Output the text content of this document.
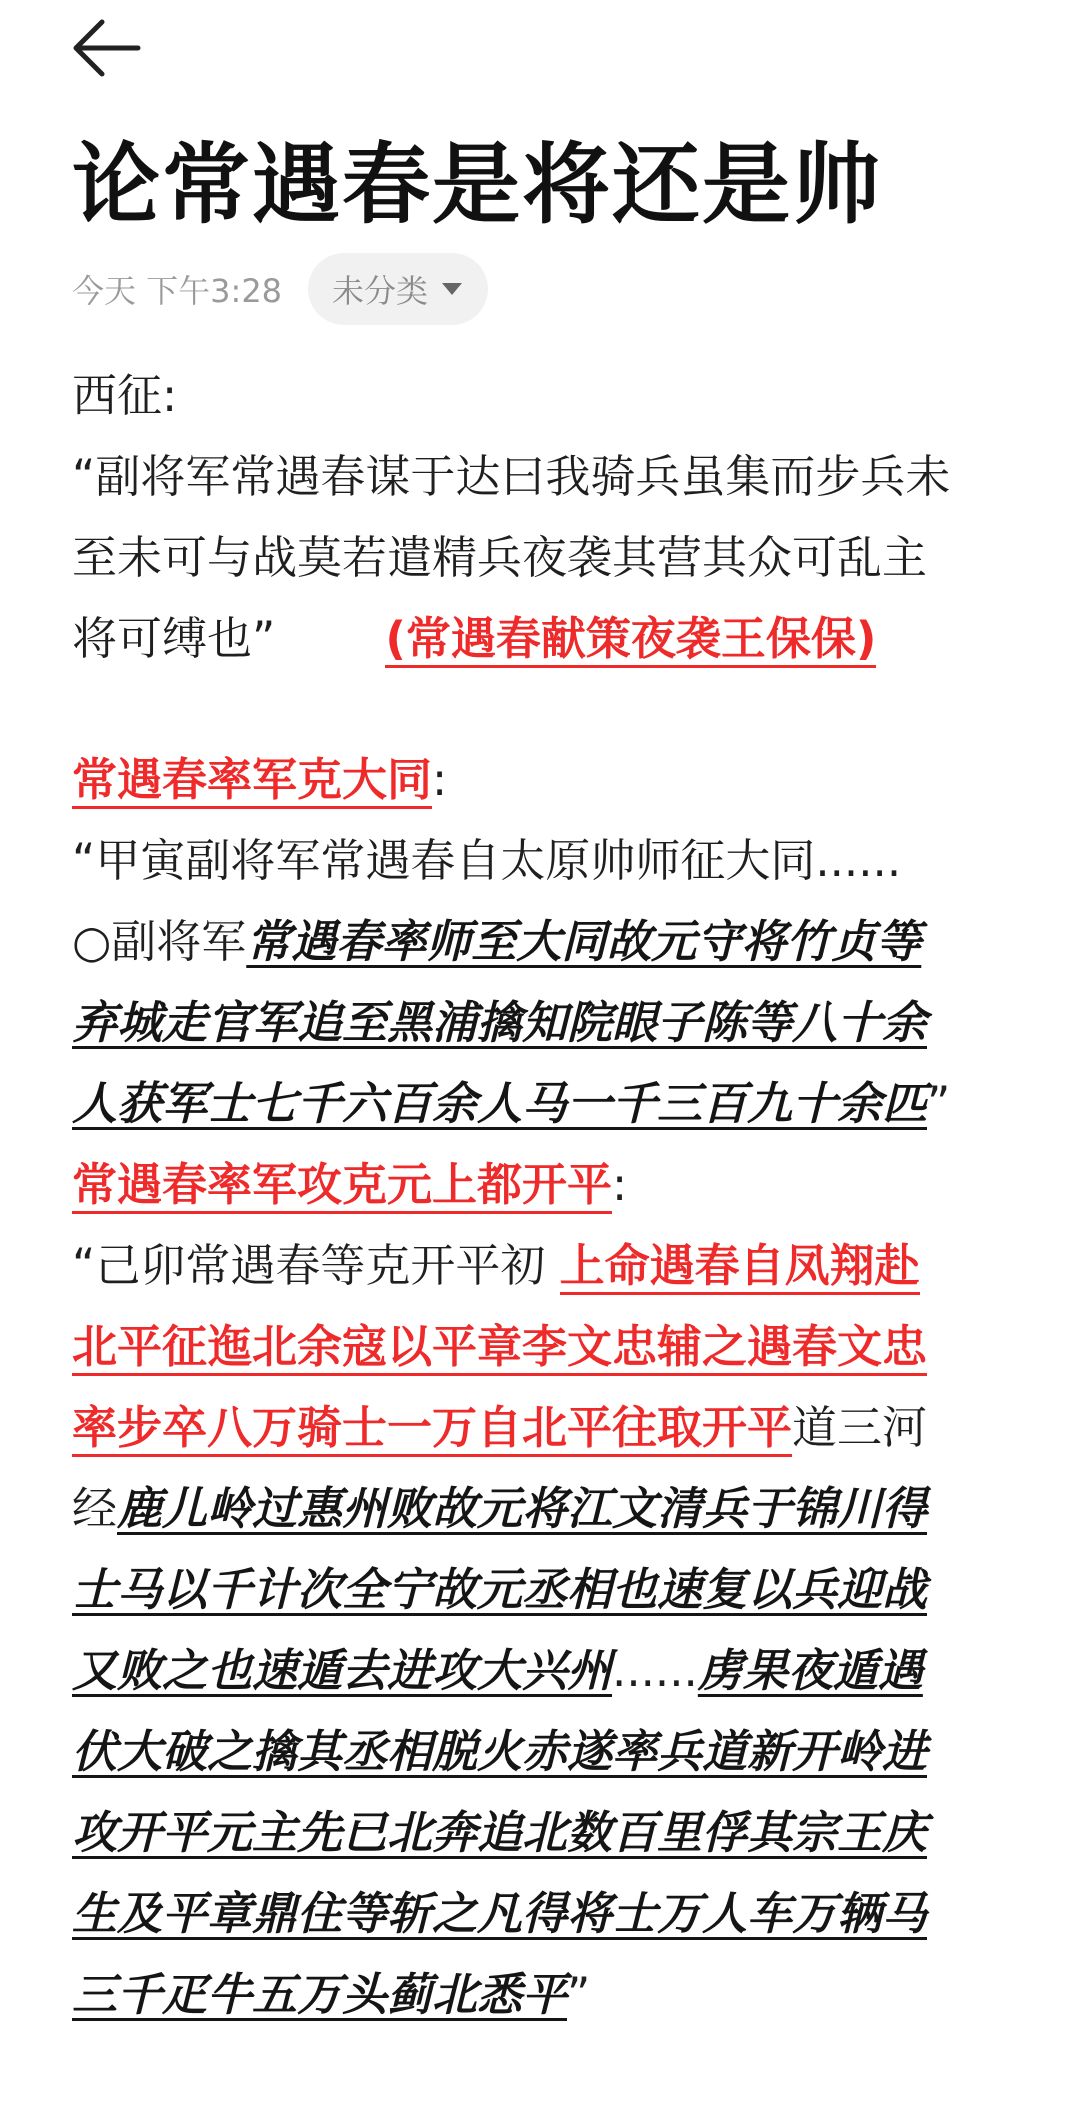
论常遇春是将还是帅
今天 下午3:28 未分类
西征:
“副将军常遇春谋于达曰我骑兵虽集而步兵未
至未可与战莫若遣精兵夜袭其营其众可乱主
将可缚也” (常遇春献策夜袭王保保)
常遇春率军克大同:
“甲寅副将军常遇春自太原帅师征大同......
○副将军常遇春率师至大同故元守将竹贞等
弃城走官军追至黑浦擒知院眼子陈等八十余
人获军士七千六百余人马一千三百九十余匹”
常遇春率军攻克元上都开平:
“己卯常遇春等克开平初 上命遇春自凤翔赴
北平征迤北余寇以平章李文忠辅之遇春文忠
率步卒八万骑士一万自北平往取开平道三河
经鹿儿岭过惠州败故元将江文清兵于锦川得
士马以千计次全宁故元丞相也速复以兵迎战
又败之也速遁去进攻大兴州......虏果夜遁遇
伏大破之擒其丞相脱火赤遂率兵道新开岭进
攻开平元主先已北奔追北数百里俘其宗王庆
生及平章鼎住等斩之凡得将士万人车万辆马
三千疋牛五万头蓟北悉平”
